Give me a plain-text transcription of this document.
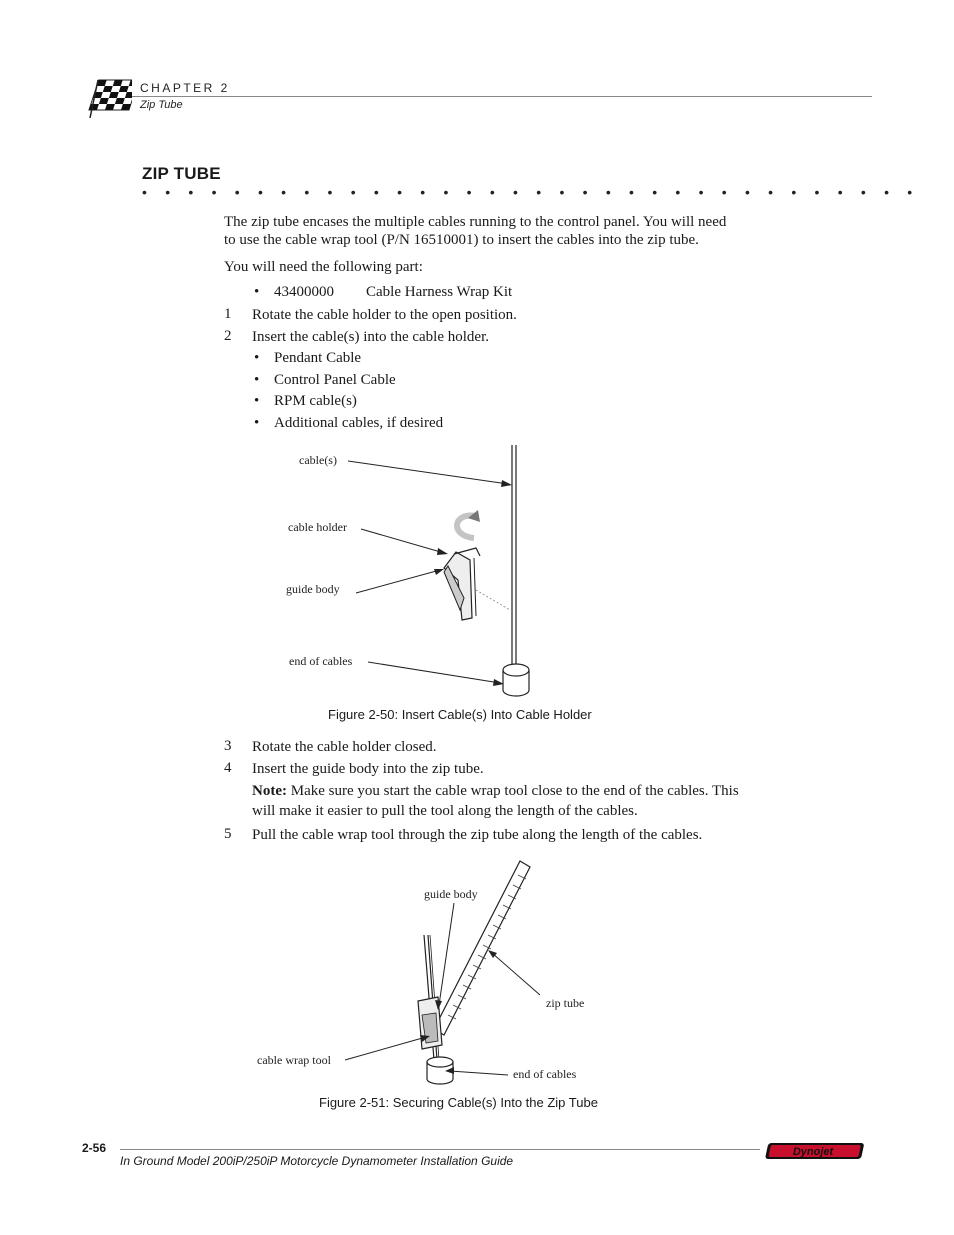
CHAPTER 2
Zip Tube
ZIP TUBE
• • • • • • • • • • • • • • • • • • • • • • • • • • • • • • • • • •
The zip tube encases the multiple cables running to the control panel. You will need
to use the cable wrap tool (P/N 16510001) to insert the cables into the zip tube.
You will need the following part:
• 43400000 Cable Harness Wrap Kit
1 Rotate the cable holder to the open position.
2 Insert the cable(s) into the cable holder.
• Pendant Cable
• Control Panel Cable
• RPM cable(s)
• Additional cables, if desired
cable(s)
cable holder
guide body
end of cables
Figure 2-50: Insert Cable(s) Into Cable Holder
3 Rotate the cable holder closed.
4 Insert the guide body into the zip tube.
Note: Make sure you start the cable wrap tool close to the end of the cables. This
will make it easier to pull the tool along the length of the cables.
5 Pull the cable wrap tool through the zip tube along the length of the cables.
guide body
zip tube
cable wrap tool
end of cables
Figure 2-51: Securing Cable(s) Into the Zip Tube
2-56
In Ground Model 200iP/250iP Motorcycle Dynamometer Installation Guide
Dynojet
